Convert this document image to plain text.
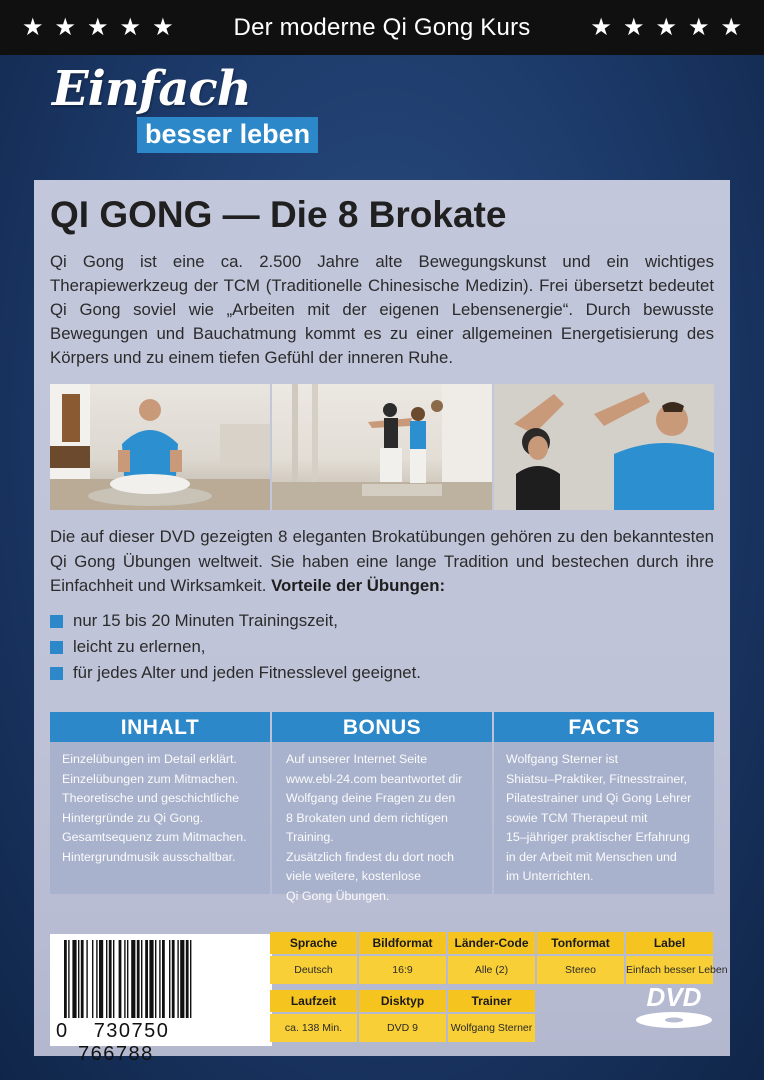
★ ★ ★ ★ ★ Der moderne Qi Gong Kurs ★ ★ ★ ★ ★
Einfach
besser leben
QI GONG — Die 8 Brokate

Qi Gong ist eine ca. 2.500 Jahre alte Bewegungskunst und ein wichtiges Therapiewerkzeug der TCM (Traditionelle Chinesische Medizin). Frei übersetzt bedeutet Qi Gong soviel wie „Arbeiten mit der eigenen Lebensenergie“. Durch bewusste Bewegungen und Bauchatmung kommt es zu einer allgemeinen Energetisierung des Körpers und zu einem tiefen Gefühl der inneren Ruhe.

Die auf dieser DVD gezeigten 8 eleganten Brokatübungen gehören zu den bekanntesten Qi Gong Übungen weltweit. Sie haben eine lange Tradition und bestechen durch ihre Einfachheit und Wirksamkeit. Vorteile der Übungen:

nur 15 bis 20 Minuten Trainingszeit,
leicht zu erlernen,
für jedes Alter und jeden Fitnesslevel geeignet.
INHALT
Einzelübungen im Detail erklärt.
Einzelübungen zum Mitmachen.
Theoretische und geschichtliche
Hintergründe zu Qi Gong.
Gesamtsequenz zum Mitmachen.
Hintergrundmusik ausschaltbar.
BONUS
Auf unserer Internet Seite
www.ebl-24.com beantwortet dir
Wolfgang deine Fragen zu den
8 Brokaten und dem richtigen
Training.
Zusätzlich findest du dort noch
viele weitere, kostenlose
Qi Gong Übungen.
FACTS
Wolfgang Sterner ist
Shiatsu–Praktiker, Fitnesstrainer,
Pilatestrainer und Qi Gong Lehrer
sowie TCM Therapeut mit
15–jähriger praktischer Erfahrung
in der Arbeit mit Menschen und
im Unterrichten.
0 730750 766788
Sprache
Deutsch
Bildformat
16:9
Länder-Code
Alle (2)
Tonformat
Stereo
Label
Einfach besser Leben
Laufzeit
ca. 138 Min.
Disktyp
DVD 9
Trainer
Wolfgang Sterner
DVD
